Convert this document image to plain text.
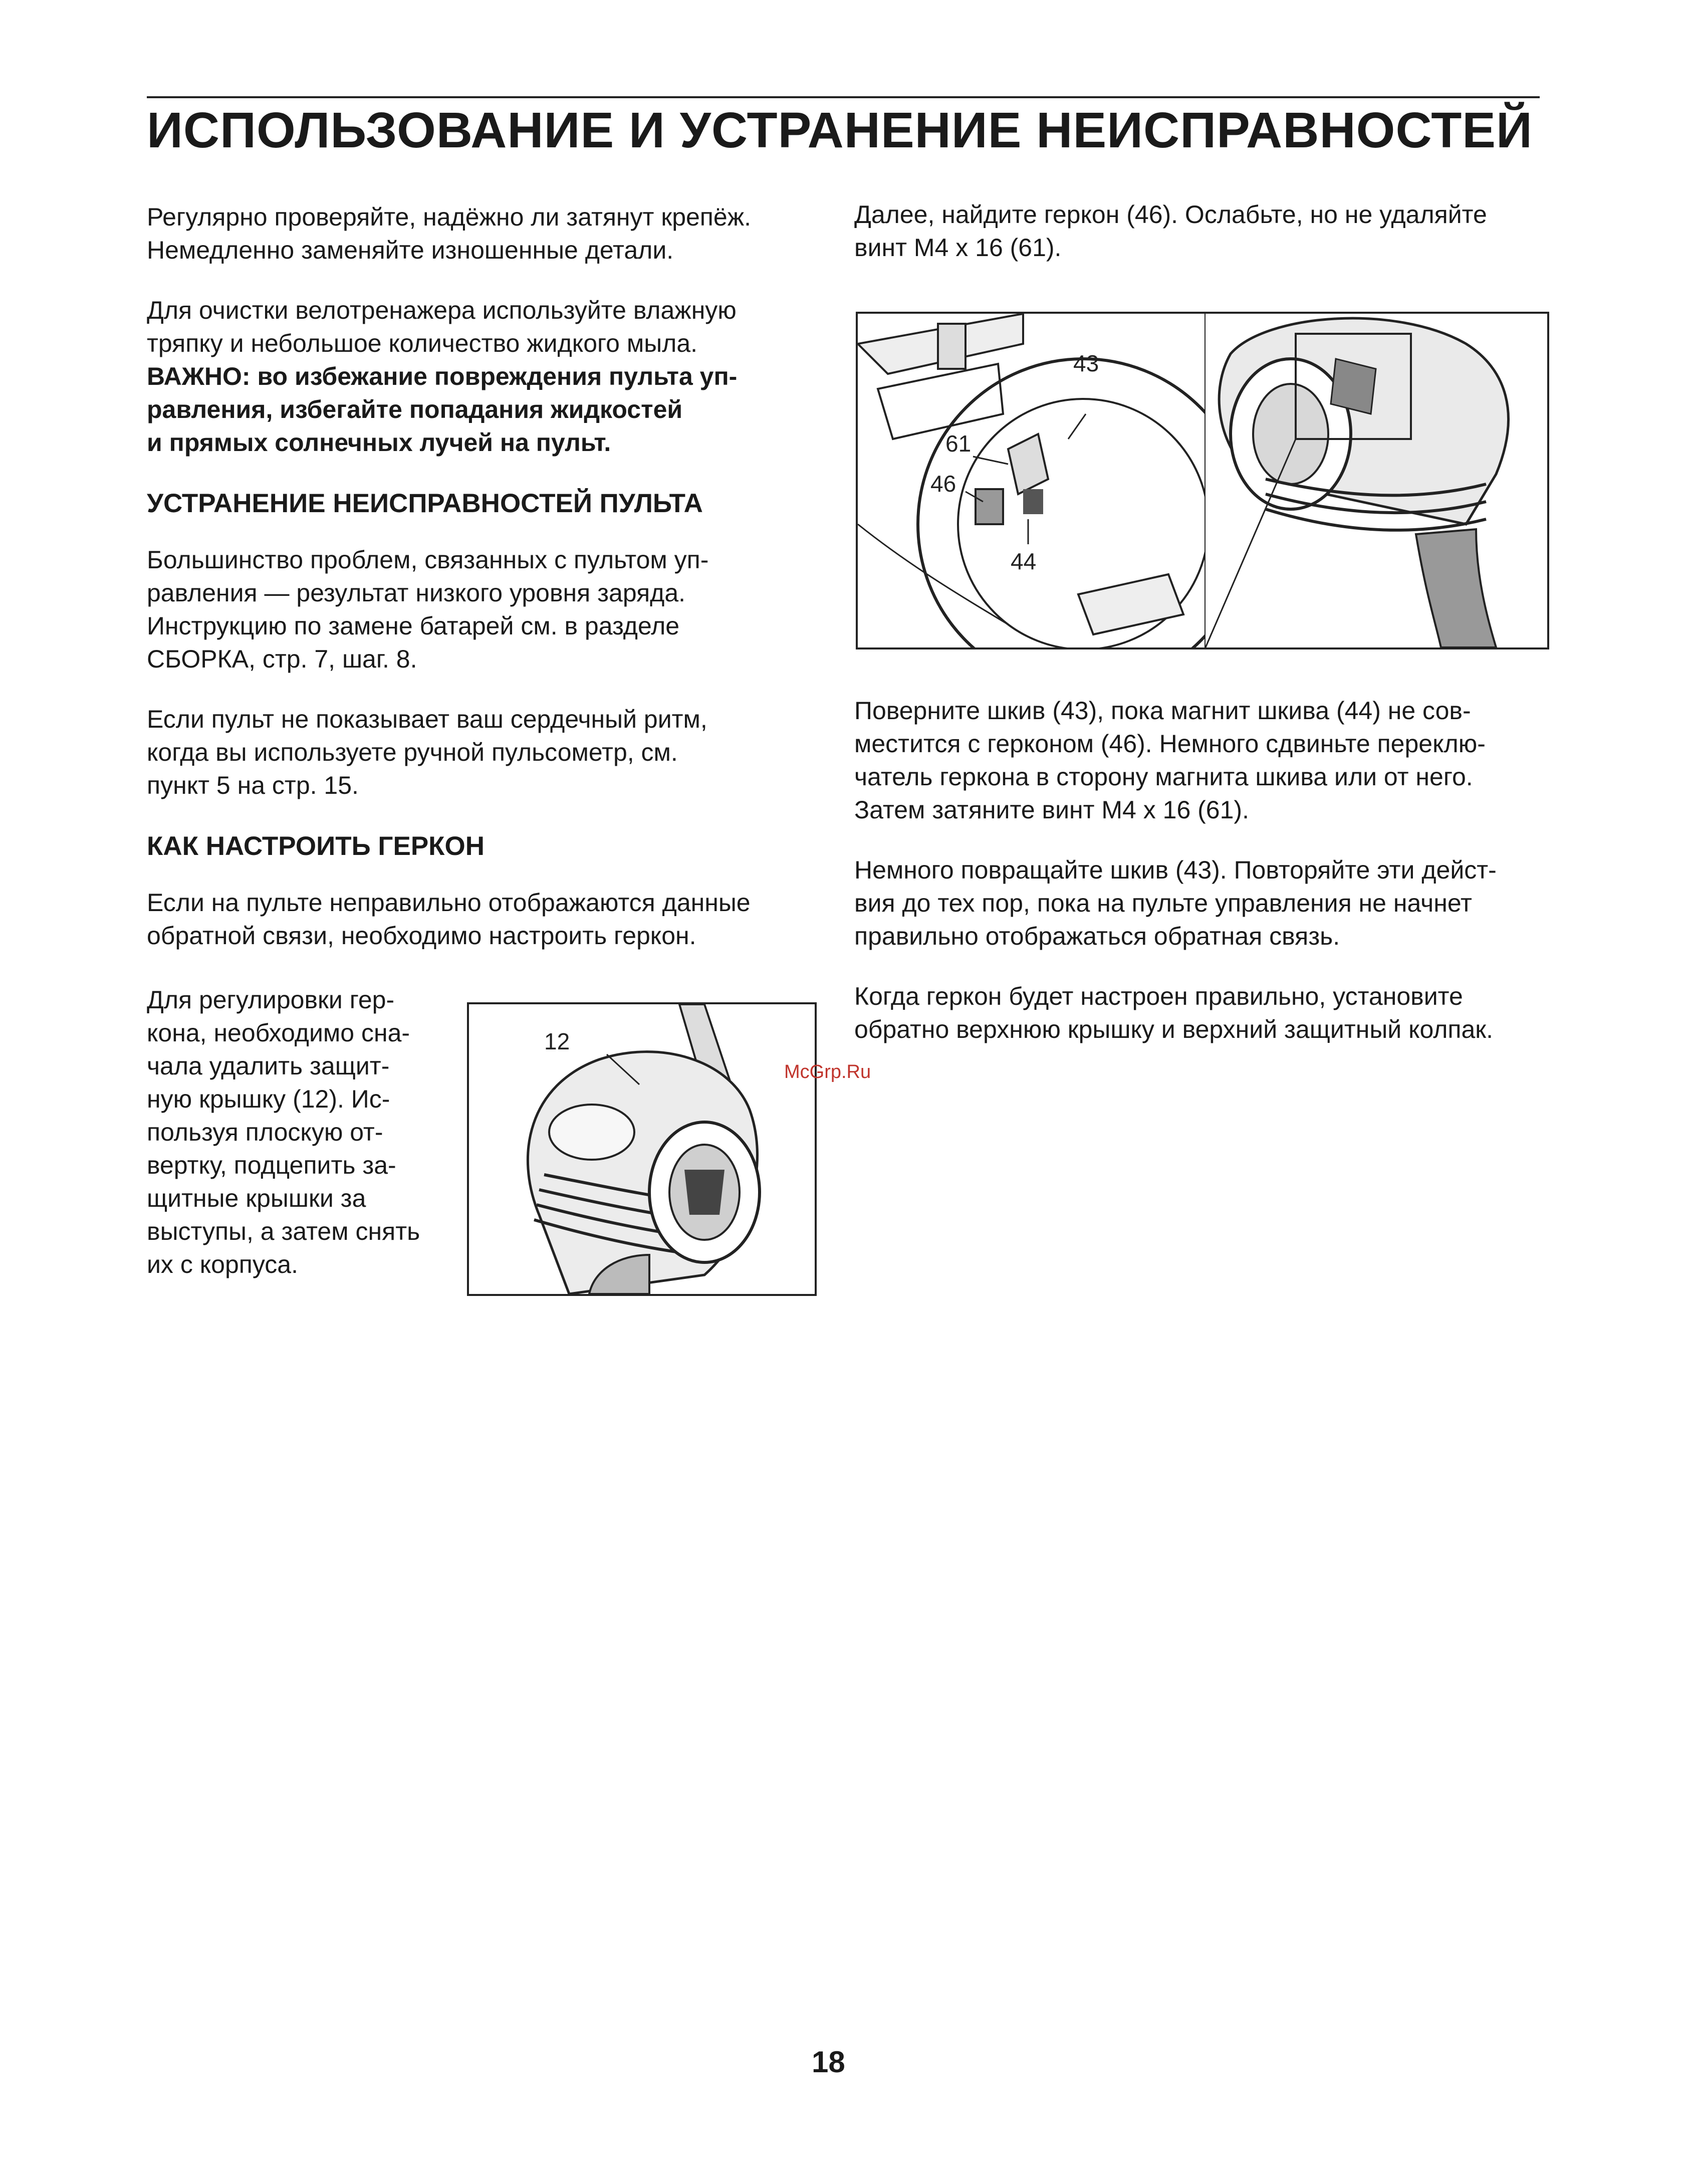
ИСПОЛЬЗОВАНИЕ И УСТРАНЕНИЕ НЕИСПРАВНОСТЕЙ

Регулярно проверяйте, надёжно ли затянут крепёж.
Немедленно заменяйте изношенные детали.

Для очистки велотренажера используйте влажную
тряпку и небольшое количество жидкого мыла.
ВАЖНО: во избежание повреждения пульта уп-
равления, избегайте попадания жидкостей
и прямых солнечных лучей на пульт.

УСТРАНЕНИЕ НЕИСПРАВНОСТЕЙ ПУЛЬТА

Большинство проблем, связанных с пультом уп-
равления — результат низкого уровня заряда.
Инструкцию по замене батарей см. в разделе
СБОРКА, стр. 7, шаг. 8.

Если пульт не показывает ваш сердечный ритм,
когда вы используете ручной пульсометр, см.
пункт 5 на стр. 15.

КАК НАСТРОИТЬ ГЕРКОН

Если на пульте неправильно отображаются данные
обратной связи, необходимо настроить геркон.

Для регулировки гер-
кона, необходимо сна-
чала удалить защит-
ную крышку (12). Ис-
пользуя плоскую от-
вертку, подцепить за-
щитные крышки за
выступы, а затем снять
их с корпуса.

12

Далее, найдите геркон (46). Ослабьте, но не удаляйте
винт M4 x 16 (61).

43
61
46
44

Поверните шкив (43), пока магнит шкива (44) не сов-
местится с герконом (46). Немного сдвиньте переклю-
чатель геркона в сторону магнита шкива или от него.
Затем затяните винт M4 x 16 (61).

Немного повращайте шкив (43). Повторяйте эти дейст-
вия до тех пор, пока на пульте управления не начнет
правильно отображаться обратная связь.

Когда геркон будет настроен правильно, установите
обратно верхнюю крышку и верхний защитный колпак.

McGrp.Ru
18
